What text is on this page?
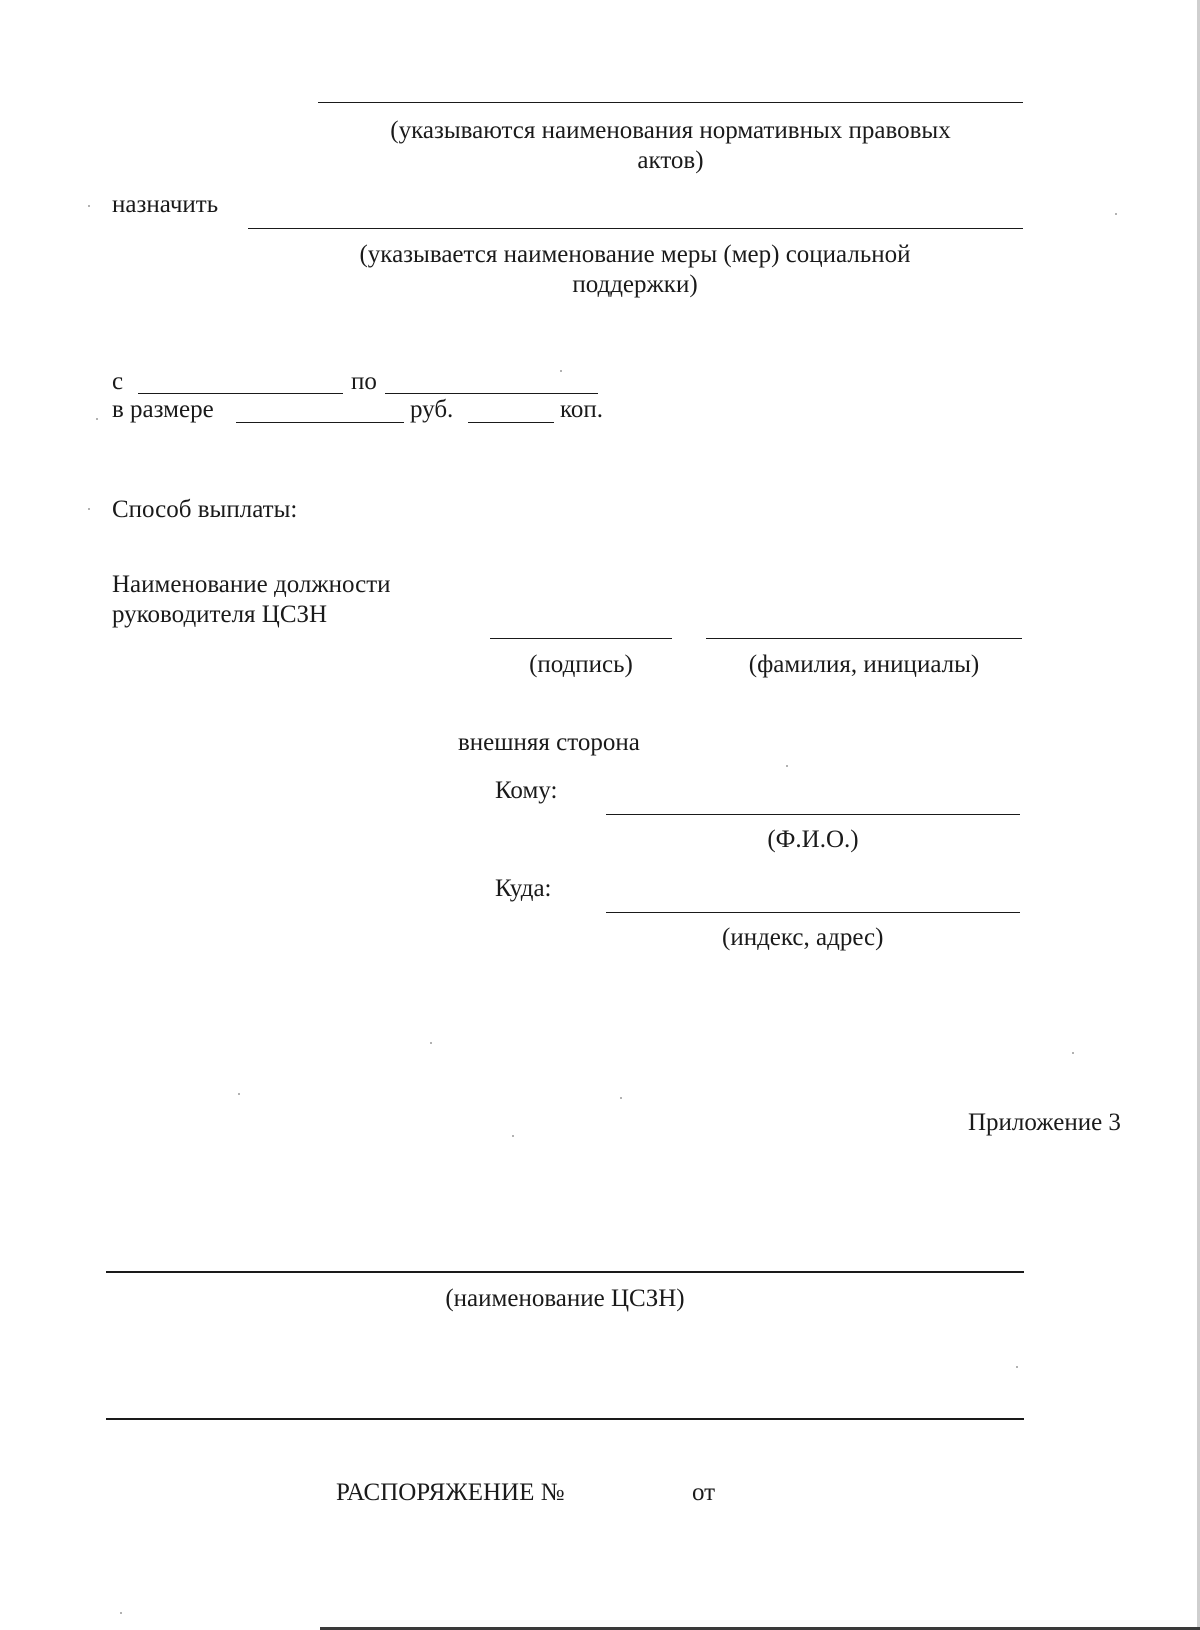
(указываются наименования нормативных правовых
актов)
назначить
(указывается наименование меры (мер) социальной
поддержки)
с	по
в размере	руб.	коп.
Способ выплаты:
Наименование должности
руководителя ЦСЗН
(подпись)	(фамилия, инициалы)
внешняя сторона
Кому:
(Ф.И.О.)
Куда:
(индекс, адрес)
Приложение 3
(наименование ЦСЗН)
РАСПОРЯЖЕНИЕ №	от
